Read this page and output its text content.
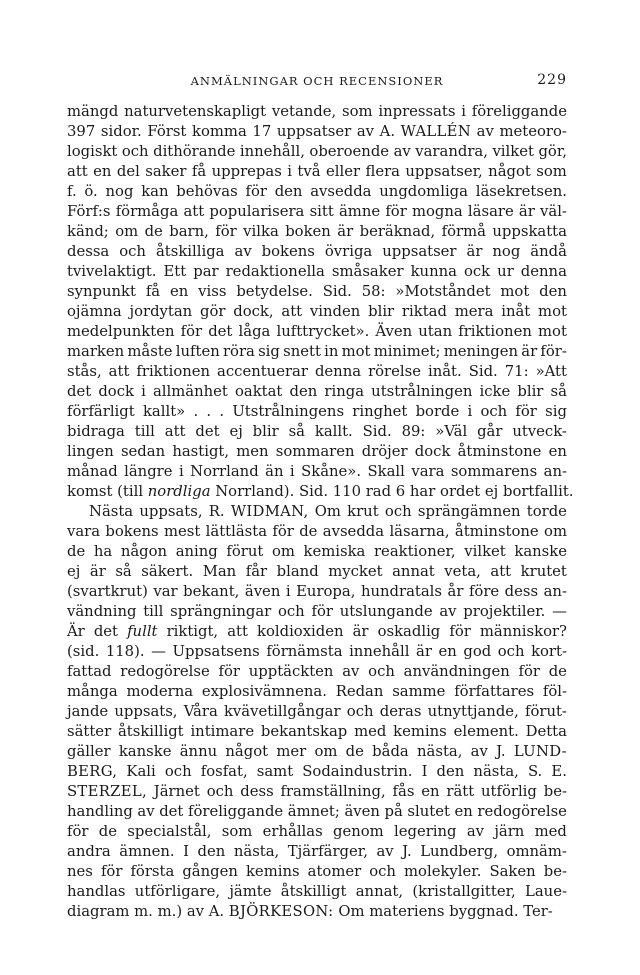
ANMÄLNINGAR OCH RECENSIONER	229
mängd naturvetenskapligt vetande, som inpressats i föreliggande
397 sidor. Först komma 17 uppsatser av A. WALLÉN av meteoro-
logiskt och dithörande innehåll, oberoende av varandra, vilket gör,
att en del saker få upprepas i två eller flera uppsatser, något som
f. ö. nog kan behövas för den avsedda ungdomliga läsekretsen.
Förf:s förmåga att popularisera sitt ämne för mogna läsare är väl-
känd; om de barn, för vilka boken är beräknad, förmå uppskatta
dessa och åtskilliga av bokens övriga uppsatser är nog ändå
tvivelaktigt. Ett par redaktionella småsaker kunna ock ur denna
synpunkt få en viss betydelse. Sid. 58: »Motståndet mot den
ojämna jordytan gör dock, att vinden blir riktad mera inåt mot
medelpunkten för det låga lufttrycket». Även utan friktionen mot
marken måste luften röra sig snett in mot minimet; meningen är för-
stås, att friktionen accentuerar denna rörelse inåt. Sid. 71: »Att
det dock i allmänhet oaktat den ringa utstrålningen icke blir så
förfärligt kallt» . . . Utstrålningens ringhet borde i och för sig
bidraga till att det ej blir så kallt. Sid. 89: »Väl går utveck-
lingen sedan hastigt, men sommaren dröjer dock åtminstone en
månad längre i Norrland än i Skåne». Skall vara sommarens an-
komst (till nordliga Norrland). Sid. 110 rad 6 har ordet ej bortfallit.
Nästa uppsats, R. WIDMAN, Om krut och sprängämnen torde
vara bokens mest lättlästa för de avsedda läsarna, åtminstone om
de ha någon aning förut om kemiska reaktioner, vilket kanske
ej är så säkert. Man får bland mycket annat veta, att krutet
(svartkrut) var bekant, även i Europa, hundratals år före dess an-
vändning till sprängningar och för utslungande av projektiler. —
Är det fullt riktigt, att koldioxiden är oskadlig för människor?
(sid. 118). — Uppsatsens förnämsta innehåll är en god och kort-
fattad redogörelse för upptäckten av och användningen för de
många moderna explosivämnena. Redan samme författares föl-
jande uppsats, Våra kvävetillgångar och deras utnyttjande, förut-
sätter åtskilligt intimare bekantskap med kemins element. Detta
gäller kanske ännu något mer om de båda nästa, av J. LUND-
BERG, Kali och fosfat, samt Sodaindustrin. I den nästa, S. E.
STERZEL, Järnet och dess framställning, fås en rätt utförlig be-
handling av det föreliggande ämnet; även på slutet en redogörelse
för de specialstål, som erhållas genom legering av järn med
andra ämnen. I den nästa, Tjärfärger, av J. Lundberg, omnäm-
nes för första gången kemins atomer och molekyler. Saken be-
handlas utförligare, jämte åtskilligt annat, (kristallgitter, Laue-
diagram m. m.) av A. BJÖRKESON: Om materiens byggnad. Ter-
